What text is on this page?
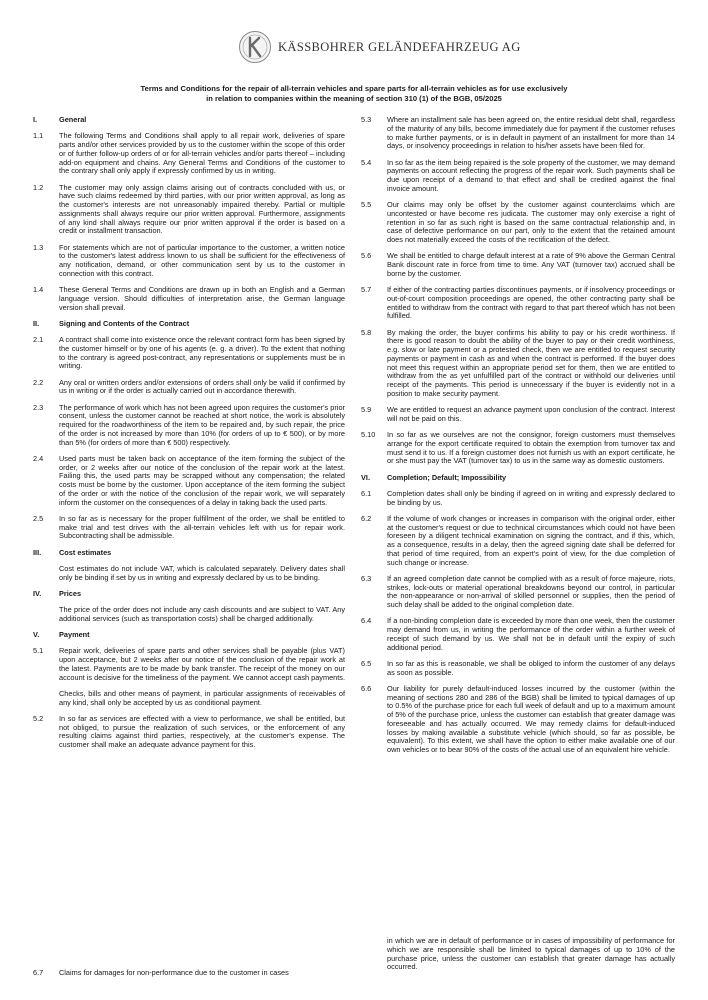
KÄSSBOHRER GELÄNDEFAHRZEUG AG
Terms and Conditions for the repair of all-terrain vehicles and spare parts for all-terrain vehicles as for use exclusively
in relation to companies within the meaning of section 310 (1) of the BGB, 05/2025
I.	General
1.1	The following Terms and Conditions shall apply to all repair work, deliveries of spare parts and/or other services provided by us to the customer within the scope of this order or of further follow-up orders of or for all-terrain vehicles and/or parts thereof – including add-on equipment and chains. Any General Terms and Conditions of the customer to the contrary shall only apply if expressly confirmed by us in writing.
1.2	The customer may only assign claims arising out of contracts concluded with us, or have such claims redeemed by third parties, with our prior written approval, as long as the customer's interests are not unreasonably impaired thereby. Partial or multiple assignments shall always require our prior written approval. Furthermore, assignments of any kind shall always require our prior written approval if the order is based on a credit or installment transaction.
1.3	For statements which are not of particular importance to the customer, a written notice to the customer's latest address known to us shall be sufficient for the effectiveness of any notification, demand, or other communication sent by us to the customer in connection with this contract.
1.4	These General Terms and Conditions are drawn up in both an English and a German language version. Should difficulties of interpretation arise, the German language version shall prevail.
II.	Signing and Contents of the Contract
2.1	A contract shall come into existence once the relevant contract form has been signed by the customer himself or by one of his agents (e. g. a driver). To the extent that nothing to the contrary is agreed post-contract, any representations or supplements must be in writing.
2.2	Any oral or written orders and/or extensions of orders shall only be valid if confirmed by us in writing or if the order is actually carried out in accordance therewith.
2.3	The performance of work which has not been agreed upon requires the customer's prior consent, unless the customer cannot be reached at short notice, the work is absolutely required for the roadworthiness of the item to be repaired and, by such repair, the price of the order is not increased by more than 10% (for orders of up to € 500), or by more than 5% (for orders of more than € 500) respectively.
2.4	Used parts must be taken back on acceptance of the item forming the subject of the order, or 2 weeks after our notice of the conclusion of the repair work at the latest. Failing this, the used parts may be scrapped without any compensation; the related costs must be borne by the customer. Upon acceptance of the item forming the subject of the order or with the notice of the conclusion of the repair work, we will separately inform the customer on the consequences of a delay in taking back the used parts.
2.5	In so far as is necessary for the proper fulfillment of the order, we shall be entitled to make trial and test drives with the all-terrain vehicles left with us for repair work. Subcontracting shall be admissible.
III.	Cost estimates
Cost estimates do not include VAT, which is calculated separately. Delivery dates shall only be binding if set by us in writing and expressly declared by us to be binding.
IV.	Prices
The price of the order does not include any cash discounts and are subject to VAT. Any additional services (such as transportation costs) shall be charged additionally.
V.	Payment
5.1	Repair work, deliveries of spare parts and other services shall be payable (plus VAT) upon acceptance, but 2 weeks after our notice of the conclusion of the repair work at the latest. Payments are to be made by bank transfer. The receipt of the money on our account is decisive for the timeliness of the payment. We cannot accept cash payments.
Checks, bills and other means of payment, in particular assignments of receivables of any kind, shall only be accepted by us as conditional payment.
5.2	In so far as services are effected with a view to performance, we shall be entitled, but not obliged, to pursue the realization of such services, or the enforcement of any resulting claims against third parties, respectively, at the customer's expense. The customer shall make an adequate advance payment for this.
5.3	Where an installment sale has been agreed on, the entire residual debt shall, regardless of the maturity of any bills, become immediately due for payment if the customer refuses to make further payments, or is in default in payment of an installment for more than 14 days, or insolvency proceedings in relation to his/her assets have been filed for.
5.4	In so far as the item being repaired is the sole property of the customer, we may demand payments on account reflecting the progress of the repair work. Such payments shall be due upon receipt of a demand to that effect and shall be credited against the final invoice amount.
5.5	Our claims may only be offset by the customer against counterclaims which are uncontested or have become res judicata. The customer may only exercise a right of retention in so far as such right is based on the same contractual relationship and, in case of defective performance on our part, only to the extent that the retained amount does not materially exceed the costs of the rectification of the defect.
5.6	We shall be entitled to charge default interest at a rate of 9% above the German Central Bank discount rate in force from time to time. Any VAT (turnover tax) accrued shall be borne by the customer.
5.7	If either of the contracting parties discontinues payments, or if insolvency proceedings or out-of-court composition proceedings are opened, the other contracting party shall be entitled to withdraw from the contract with regard to that part thereof which has not been fulfilled.
5.8	By making the order, the buyer confirms his ability to pay or his credit worthiness. If there is good reason to doubt the ability of the buyer to pay or their credit worthiness, e.g. slow or late payment or a protested check, then we are entitled to request security payments or payment in cash as and when the contract is performed. If the buyer does not meet this request within an appropriate period set for them, then we are entitled to withdraw from the as yet unfulfilled part of the contract or withhold our deliveries until receipt of the payments. This period is unnecessary if the buyer is evidently not in a position to make security payment.
5.9	We are entitled to request an advance payment upon conclusion of the contract. Interest will not be paid on this.
5.10	In so far as we ourselves are not the consignor, foreign customers must themselves arrange for the export certificate required to obtain the exemption from turnover tax and must send it to us. If a foreign customer does not furnish us with an export certificate, he or she must pay the VAT (turnover tax) to us in the same way as domestic customers.
VI.	Completion; Default; Impossibility
6.1	Completion dates shall only be binding if agreed on in writing and expressly declared to be binding by us.
6.2	If the volume of work changes or increases in comparison with the original order, either at the customer's request or due to technical circumstances which could not have been foreseen by a diligent technical examination on signing the contract, and if this, which, as a consequence, results in a delay, then the agreed signing date shall be deferred for that period of time required, from an expert's point of view, for the due completion of such change or increase.
6.3	If an agreed completion date cannot be complied with as a result of force majeure, riots, strikes, lock-outs or material operational breakdowns beyond our control, in particular the non-appearance or non-arrival of skilled personnel or supplies, then the period of such delay shall be added to the original completion date.
6.4	If a non-binding completion date is exceeded by more than one week, then the customer may demand from us, in writing the performance of the order within a further week of receipt of such demand by us. We shall not be in default until the expiry of such additional period.
6.5	In so far as this is reasonable, we shall be obliged to inform the customer of any delays as soon as possible.
6.6	Our liability for purely default-induced losses incurred by the customer (within the meaning of sections 280 and 286 of the BGB) shall be limited to typical damages of up to 0.5% of the purchase price for each full week of default and up to a maximum amount of 5% of the purchase price, unless the customer can establish that greater damage was foreseeable and has actually occurred. We may remedy claims for default-induced losses by making available a substitute vehicle (which should, so far as possible, be equivalent). To this extent, we shall have the option to either make available one of our own vehicles or to bear 90% of the costs of the actual use of an equivalent hire vehicle.
6.7	Claims for damages for non-performance due to the customer in cases
in which we are in default of performance or in cases of impossibility of performance for which we are responsible shall be limited to typical damages of up to 10% of the purchase price, unless the customer can establish that greater damage has actually occurred.
